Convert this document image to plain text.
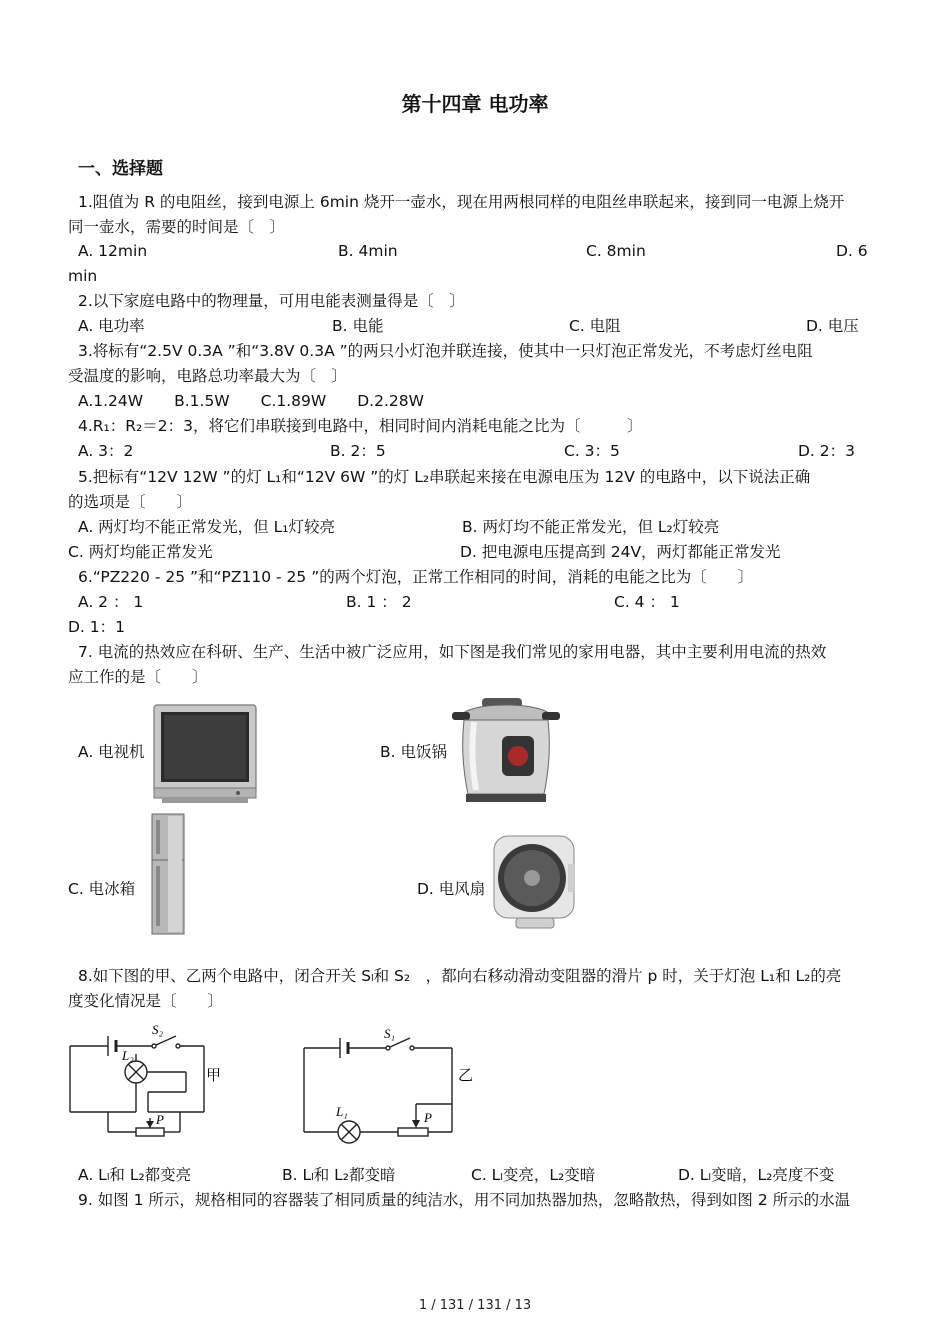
第十四章 电功率
一、选择题
1.阻值为 R 的电阻丝，接到电源上 6min 烧开一壶水，现在用两根同样的电阻丝串联起来，接到同一电源上烧开
同一壶水，需要的时间是〔　〕
A. 12min	B. 4min	C. 8min	D. 6
min
2.以下家庭电路中的物理量，可用电能表测量得是〔　〕
A. 电功率	B. 电能	C. 电阻	D. 电压
3.将标有“2.5V 0.3A ”和“3.8V 0.3A ”的两只小灯泡并联连接，使其中一只灯泡正常发光，不考虑灯丝电阻
受温度的影响，电路总功率最大为〔　〕
A.1.24W　　B.1.5W　　C.1.89W　　D.2.28W
4.R₁：R₂＝2：3，将它们串联接到电路中，相同时间内消耗电能之比为〔　　　〕
A. 3：2	B. 2：5	C. 3：5	D. 2：3
5.把标有“12V 12W ”的灯 L₁和“12V 6W ”的灯 L₂串联起来接在电源电压为 12V 的电路中，以下说法正确
的选项是〔　　〕
A. 两灯均不能正常发光，但 L₁灯较亮	B. 两灯均不能正常发光，但 L₂灯较亮
C. 两灯均能正常发光	D. 把电源电压提高到 24V，两灯都能正常发光
6.“PZ220 - 25 ”和“PZ110 - 25 ”的两个灯泡，正常工作相同的时间，消耗的电能之比为〔　　〕
A. 2 ： 1	B. 1 ： 2	C. 4 ： 1
D. 1：1
7. 电流的热效应在科研、生产、生活中被广泛应用，如下图是我们常见的家用电器，其中主要利用电流的热效
应工作的是〔　　〕
A. 电视机	B. 电饭锅
C. 电冰箱	D. 电风扇
8.如下图的甲、乙两个电路中，闭合开关 Sₗ和 S₂　，都向右移动滑动变阻器的滑片 p 时，关于灯泡 L₁和 L₂的亮
度变化情况是〔　　〕
S₂
L₂
P
甲
S₁
L₁	P
乙
A. Lₗ和 L₂都变亮	B. Lₗ和 L₂都变暗	C. Lₗ变亮，L₂变暗	D. Lₗ变暗，L₂亮度不变
9. 如图 1 所示，规格相同的容器装了相同质量的纯洁水，用不同加热器加热，忽略散热，得到如图 2 所示的水温
1 / 131 / 131 / 13
